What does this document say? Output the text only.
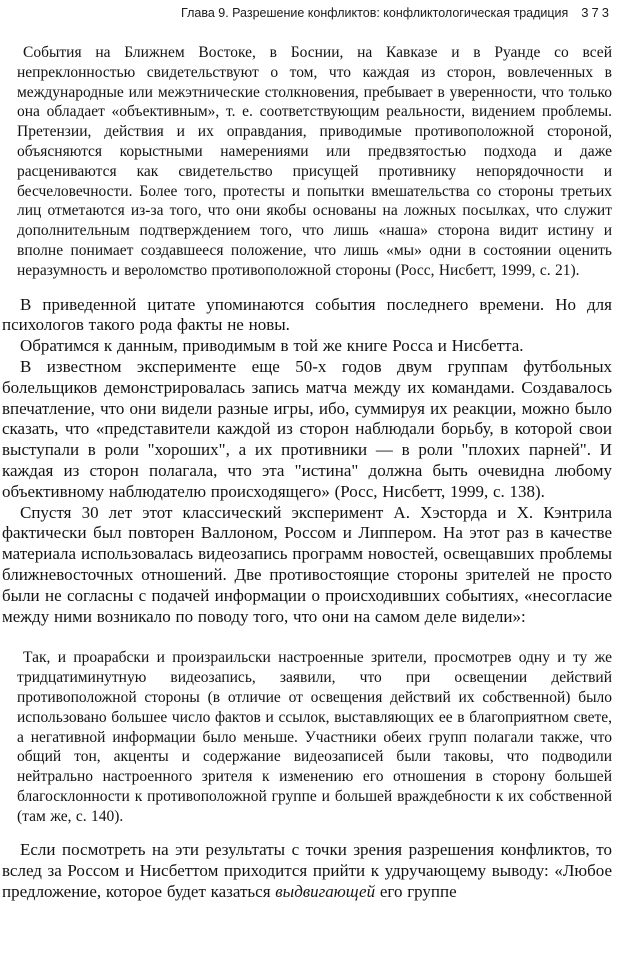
Глава 9. Разрешение конфликтов: конфликтологическая традиция 373

События на Ближнем Востоке, в Боснии, на Кавказе и в Руанде со всей непреклонностью свидетельствуют о том, что каждая из сторон, вовлеченных в международные или межэтнические столкновения, пребывает в уверенности, что только она обладает «объективным», т. е. соответствующим реальности, видением проблемы. Претензии, действия и их оправдания, приводимые противоположной стороной, объясняются корыстными намерениями или предвзятостью подхода и даже расцениваются как свидетельство присущей противнику непорядочности и бесчеловечности. Более того, протесты и попытки вмешательства со стороны третьих лиц отметаются из-за того, что они якобы основаны на ложных посылках, что служит дополнительным подтверждением того, что лишь «наша» сторона видит истину и вполне понимает создавшееся положение, что лишь «мы» одни в состоянии оценить неразумность и вероломство противоположной стороны (Росс, Нисбетт, 1999, с. 21).

В приведенной цитате упоминаются события последнего времени. Но для психологов такого рода факты не новы.

Обратимся к данным, приводимым в той же книге Росса и Нисбетта.

В известном эксперименте еще 50-х годов двум группам футбольных болельщиков демонстрировалась запись матча между их командами. Создавалось впечатление, что они видели разные игры, ибо, суммируя их реакции, можно было сказать, что «представители каждой из сторон наблюдали борьбу, в которой свои выступали в роли "хороших", а их противники — в роли "плохих парней". И каждая из сторон полагала, что эта "истина" должна быть очевидна любому объективному наблюдателю происходящего» (Росс, Нисбетт, 1999, с. 138).

Спустя 30 лет этот классический эксперимент А. Хэсторда и Х. Кэнтрила фактически был повторен Валлоном, Россом и Липпером. На этот раз в качестве материала использовалась видеозапись программ новостей, освещавших проблемы ближневосточных отношений. Две противостоящие стороны зрителей не просто были не согласны с подачей информации о происходивших событиях, «несогласие между ними возникало по поводу того, что они на самом деле видели»:

Так, и проарабски и произраильски настроенные зрители, просмотрев одну и ту же тридцатиминутную видеозапись, заявили, что при освещении действий противоположной стороны (в отличие от освещения действий их собственной) было использовано большее число фактов и ссылок, выставляющих ее в благоприятном свете, а негативной информации было меньше. Участники обеих групп полагали также, что общий тон, акценты и содержание видеозаписей были таковы, что подводили нейтрально настроенного зрителя к изменению его отношения в сторону большей благосклонности к противоположной группе и большей враждебности к их собственной (там же, с. 140).

Если посмотреть на эти результаты с точки зрения разрешения конфликтов, то вслед за Россом и Нисбеттом приходится прийти к удручающему выводу: «Любое предложение, которое будет казаться выдвигающей его группе
